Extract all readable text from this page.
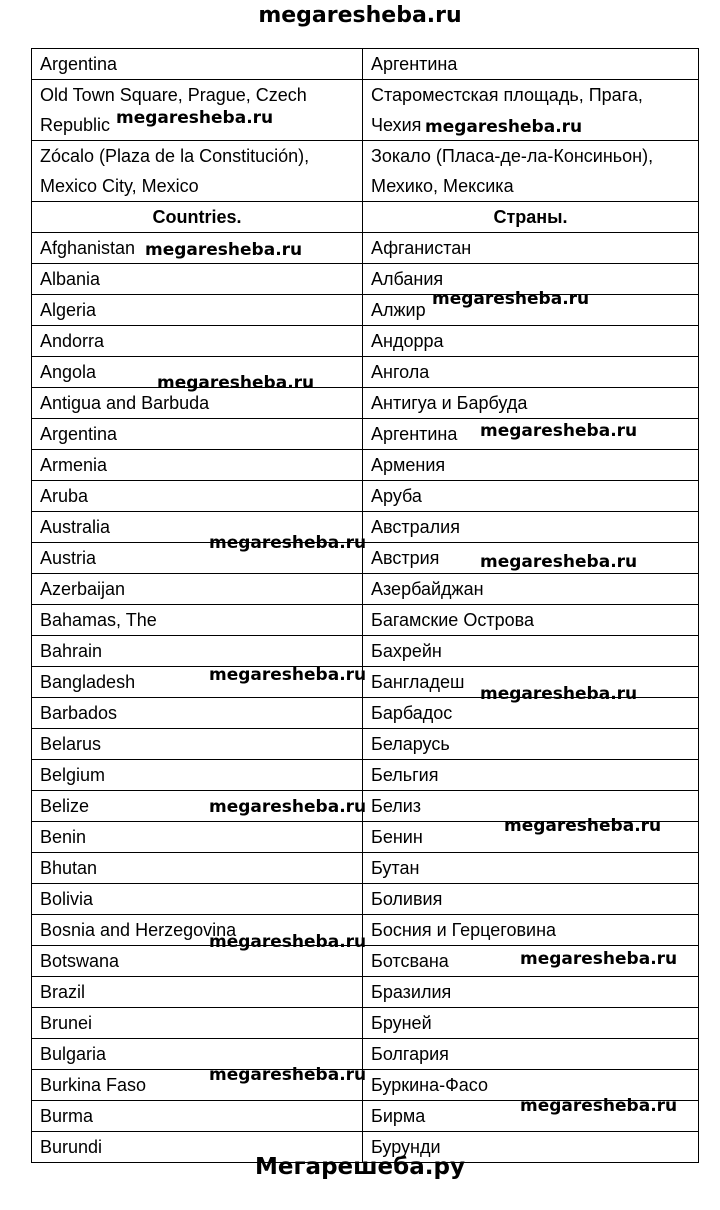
megaresheba.ru
Argentina	Аргентина
Old Town Square, Prague, Czech Republic	Староместская площадь, Прага, Чехия
Zócalo (Plaza de la Constitución), Mexico City, Mexico	Зокало (Пласа-де-ла-Консиньон), Мехико, Мексика
Countries.	Страны.
Afghanistan	Афганистан
Albania	Албания
Algeria	Алжир
Andorra	Андорра
Angola	Ангола
Antigua and Barbuda	Антигуа и Барбуда
Argentina	Аргентина
Armenia	Армения
Aruba	Аруба
Australia	Австралия
Austria	Австрия
Azerbaijan	Азербайджан
Bahamas, The	Багамские Острова
Bahrain	Бахрейн
Bangladesh	Бангладеш
Barbados	Барбадос
Belarus	Беларусь
Belgium	Бельгия
Belize	Белиз
Benin	Бенин
Bhutan	Бутан
Bolivia	Боливия
Bosnia and Herzegovina	Босния и Герцеговина
Botswana	Ботсвана
Brazil	Бразилия
Brunei	Бруней
Bulgaria	Болгария
Burkina Faso	Буркина-Фасо
Burma	Бирма
Burundi	Бурунди
megaresheba.ru	megaresheba.ru
megaresheba.ru
megaresheba.ru
megaresheba.ru
megaresheba.ru
megaresheba.ru
megaresheba.ru
megaresheba.ru
megaresheba.ru
megaresheba.ru
megaresheba.ru
megaresheba.ru
megaresheba.ru
megaresheba.ru
megaresheba.ru
Мегарешеба.ру
